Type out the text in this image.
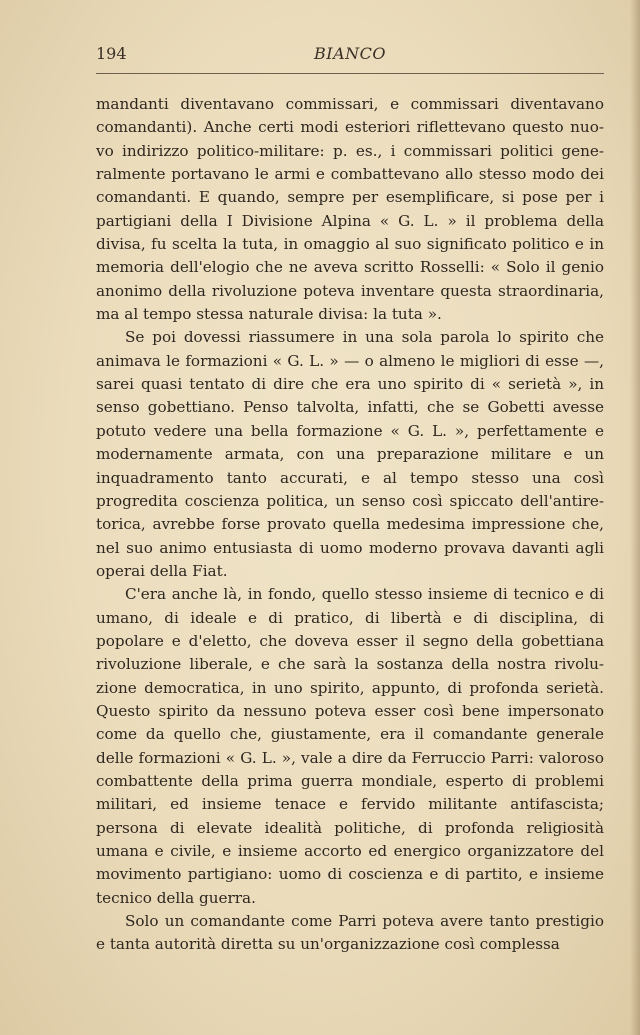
194	BIANCO

mandanti diventavano commissari, e commissari diventavano comandanti). Anche certi modi esteriori riflettevano questo nuovo indirizzo politico-militare: p. es., i commissari politici generalmente portavano le armi e combattevano allo stesso modo dei comandanti. E quando, sempre per esemplificare, si pose per i partigiani della I Divisione Alpina « G. L. » il problema della divisa, fu scelta la tuta, in omaggio al suo significato politico e in memoria dell'elogio che ne aveva scritto Rosselli: « Solo il genio anonimo della rivoluzione poteva inventare questa straordinaria, ma al tempo stessa naturale divisa: la tuta ».

Se poi dovessi riassumere in una sola parola lo spirito che animava le formazioni « G. L. » — o almeno le migliori di esse —, sarei quasi tentato di dire che era uno spirito di « serietà », in senso gobettiano. Penso talvolta, infatti, che se Gobetti avesse potuto vedere una bella formazione « G. L. », perfettamente e modernamente armata, con una preparazione militare e un inquadramento tanto accurati, e al tempo stesso una così progredita coscienza politica, un senso così spiccato dell'antiretorica, avrebbe forse provato quella medesima impressione che, nel suo animo entusiasta di uomo moderno provava davanti agli operai della Fiat.

C'era anche là, in fondo, quello stesso insieme di tecnico e di umano, di ideale e di pratico, di libertà e di disciplina, di popolare e d'eletto, che doveva esser il segno della gobettiana rivoluzione liberale, e che sarà la sostanza della nostra rivoluzione democratica, in uno spirito, appunto, di profonda serietà. Questo spirito da nessuno poteva esser così bene impersonato come da quello che, giustamente, era il comandante generale delle formazioni « G. L. », vale a dire da Ferruccio Parri: valoroso combattente della prima guerra mondiale, esperto di problemi militari, ed insieme tenace e fervido militante antifascista; persona di elevate idealità politiche, di profonda religiosità umana e civile, e insieme accorto ed energico organizzatore del movimento partigiano: uomo di coscienza e di partito, e insieme tecnico della guerra.

Solo un comandante come Parri poteva avere tanto prestigio e tanta autorità diretta su un'organizzazione così complessa
